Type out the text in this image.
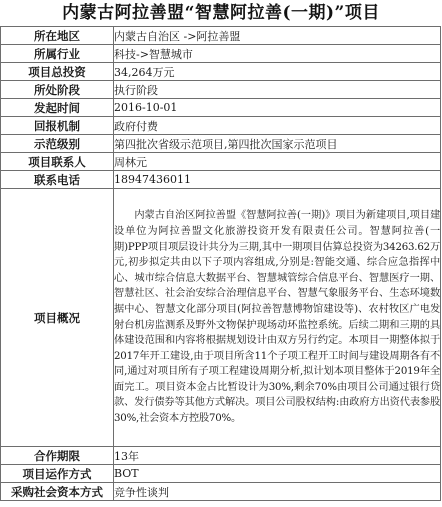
内蒙古阿拉善盟“智慧阿拉善(一期)”项目
所在地区	内蒙古自治区 ->阿拉善盟
所属行业	科技->智慧城市
项目总投资	34,264万元
所处阶段	执行阶段
发起时间	2016-10-01
回报机制	政府付费
示范级别	第四批次省级示范项目,第四批次国家示范项目
项目联系人	周林元
联系电话	18947436011
项目概况	内蒙古自治区阿拉善盟《智慧阿拉善(一期)》项目为新建项目,项目建设单位为阿拉善盟文化旅游投资开发有限责任公司。智慧阿拉善(一期)PPP项目项层设计共分为三期,其中一期项目估算总投资为34263.62万元,初步拟定共由以下子项内容组成,分别是:智能交通、综合应急指挥中心、城市综合信息大数据平台、智慧城管综合信息平台、智慧医疗一期、智慧社区、社会治安综合治理信息平台、智慧气象服务平台、生态环境数据中心、智慧文化部分项目(阿拉善智慧博物馆建设等)、农村牧区广电发射台机房监测系及野外文物保护现场动环监控系统。后续二期和三期的具体建设范围和内容将根据规划设计由双方另行约定。本项目一期整体拟于2017年开工建设,由于项目所含11个子项工程开工时间与建设周期各有不同,通过对项目所有子项工程建设周期分析,拟计划本项目整体于2019年全面完工。项目资本金占比暂设计为30%,剩余70%由项目公司通过银行贷款、发行债券等其他方式解决。项目公司股权结构:由政府方出资代表参股30%,社会资本方控股70%。
合作期限	13年
项目运作方式	BOT
采购社会资本方式	竞争性谈判
